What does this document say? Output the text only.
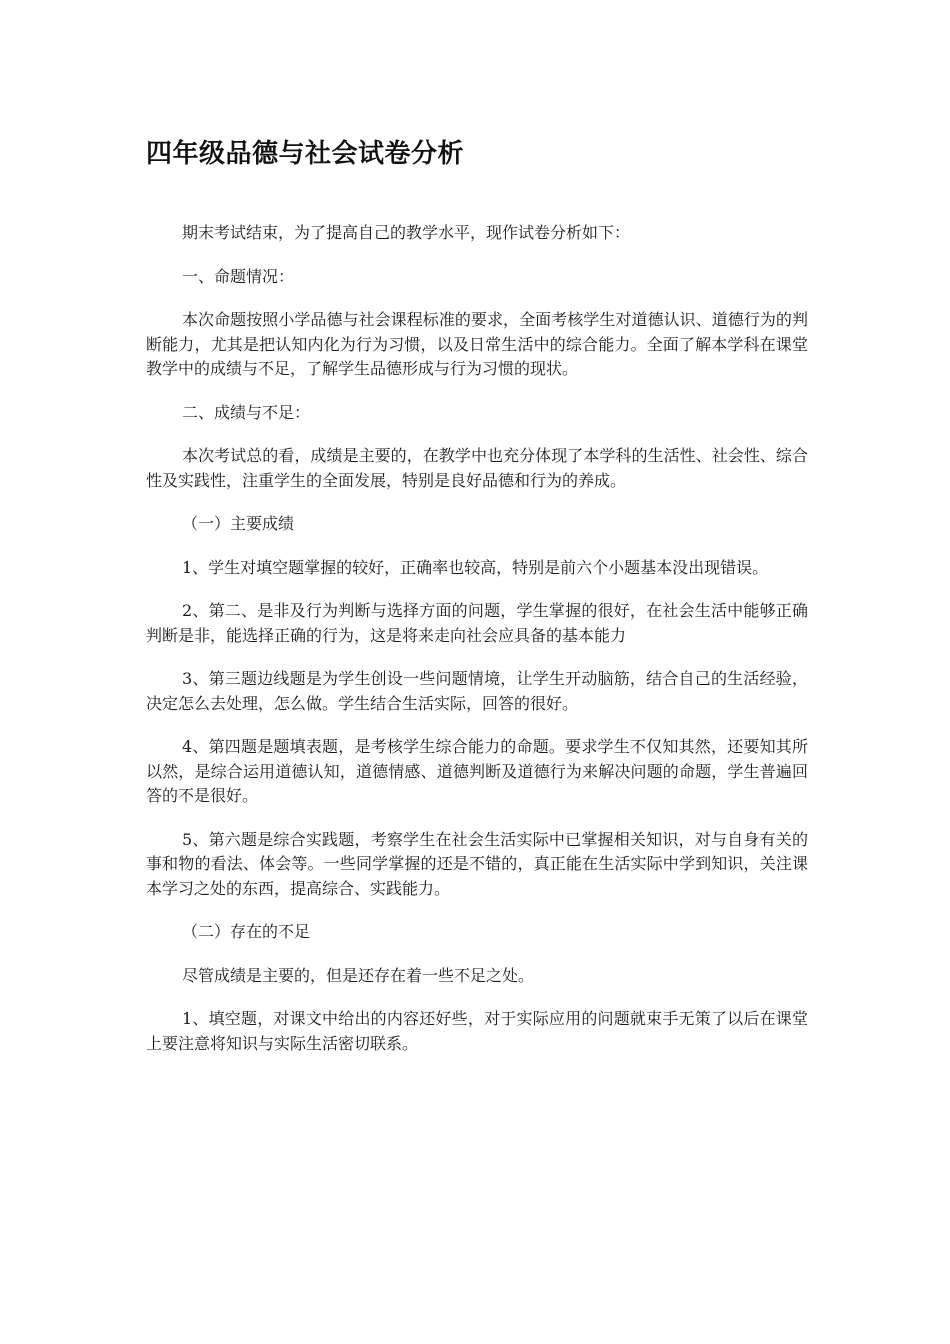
四年级品德与社会试卷分析

期末考试结束，为了提高自己的教学水平，现作试卷分析如下：

一、命题情况：

本次命题按照小学品德与社会课程标准的要求，全面考核学生对道德认识、道德行为的判断能力，尤其是把认知内化为行为习惯，以及日常生活中的综合能力。全面了解本学科在课堂教学中的成绩与不足，了解学生品德形成与行为习惯的现状。

二、成绩与不足：

本次考试总的看，成绩是主要的，在教学中也充分体现了本学科的生活性、社会性、综合性及实践性，注重学生的全面发展，特别是良好品德和行为的养成。

（一）主要成绩

1、学生对填空题掌握的较好，正确率也较高，特别是前六个小题基本没出现错误。

2、第二、是非及行为判断与选择方面的问题，学生掌握的很好，在社会生活中能够正确判断是非，能选择正确的行为，这是将来走向社会应具备的基本能力

3、第三题边线题是为学生创设一些问题情境，让学生开动脑筋，结合自己的生活经验，决定怎么去处理，怎么做。学生结合生活实际，回答的很好。

4、第四题是题填表题，是考核学生综合能力的命题。要求学生不仅知其然，还要知其所以然，是综合运用道德认知，道德情感、道德判断及道德行为来解决问题的命题，学生普遍回答的不是很好。

5、第六题是综合实践题，考察学生在社会生活实际中已掌握相关知识，对与自身有关的事和物的看法、体会等。一些同学掌握的还是不错的，真正能在生活实际中学到知识，关注课本学习之处的东西，提高综合、实践能力。

（二）存在的不足

尽管成绩是主要的，但是还存在着一些不足之处。

1、填空题，对课文中给出的内容还好些，对于实际应用的问题就束手无策了以后在课堂上要注意将知识与实际生活密切联系。
